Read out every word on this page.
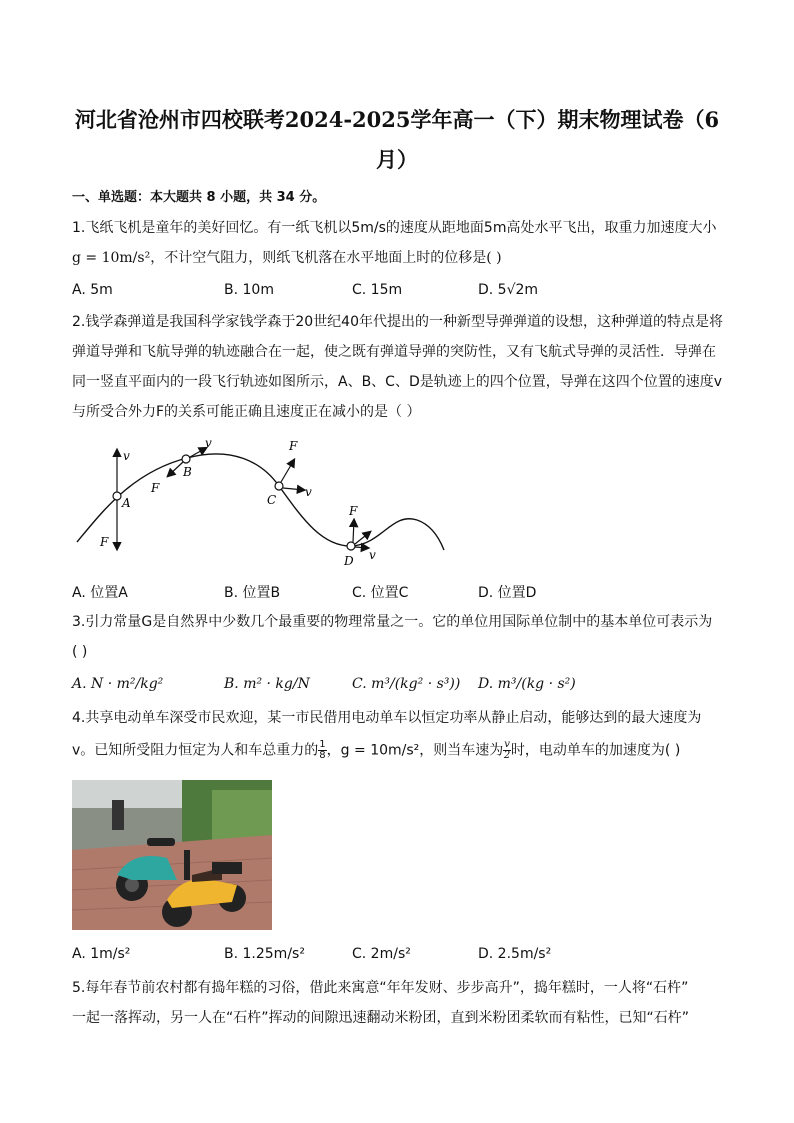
河北省沧州市四校联考2024-2025学年高一（下）期末物理试卷（6
月）
一、单选题：本大题共 8 小题，共 34 分。
1.飞纸飞机是童年的美好回忆。有一纸飞机以5m/s的速度从距地面5m高处水平飞出，取重力加速度大小
g = 10m/s²，不计空气阻力，则纸飞机落在水平地面上时的位移是( )
A. 5m	B. 10m	C. 15m	D. 5√2m
2.钱学森弹道是我国科学家钱学森于20世纪40年代提出的一种新型导弹弹道的设想，这种弹道的特点是将
弹道导弹和飞航导弹的轨迹融合在一起，使之既有弹道导弹的突防性，又有飞航式导弹的灵活性．导弹在
同一竖直平面内的一段飞行轨迹如图所示，A、B、C、D是轨迹上的四个位置，导弹在这四个位置的速度v
与所受合外力F的关系可能正确且速度正在减小的是（ ）
v
A
F
v
B
F
F
C
v
F
D v
A. 位置A	B. 位置B	C. 位置C	D. 位置D
3.引力常量G是自然界中少数几个最重要的物理常量之一。它的单位用国际单位制中的基本单位可表示为
( )
A. N · m²/kg²	B. m² · kg/N	C. m³/(kg² · s³)) D. m³/(kg · s²)
4.共享电动单车深受市民欢迎，某一市民借用电动单车以恒定功率从静止启动，能够达到的最大速度为
v。已知所受阻力恒定为人和车总重力的 $\frac{1}{8}$ ，g = 10m/s²，则当车速为 $\frac{v}{2}$ 时，电动单车的加速度为( )
A. 1m/s²	B. 1.25m/s²	C. 2m/s²	D. 2.5m/s²
5.每年春节前农村都有捣年糕的习俗，借此来寓意“年年发财、步步高升”，捣年糕时，一人将“石杵”
一起一落挥动，另一人在“石杵”挥动的间隙迅速翻动米粉团，直到米粉团柔软而有粘性，已知“石杵”
